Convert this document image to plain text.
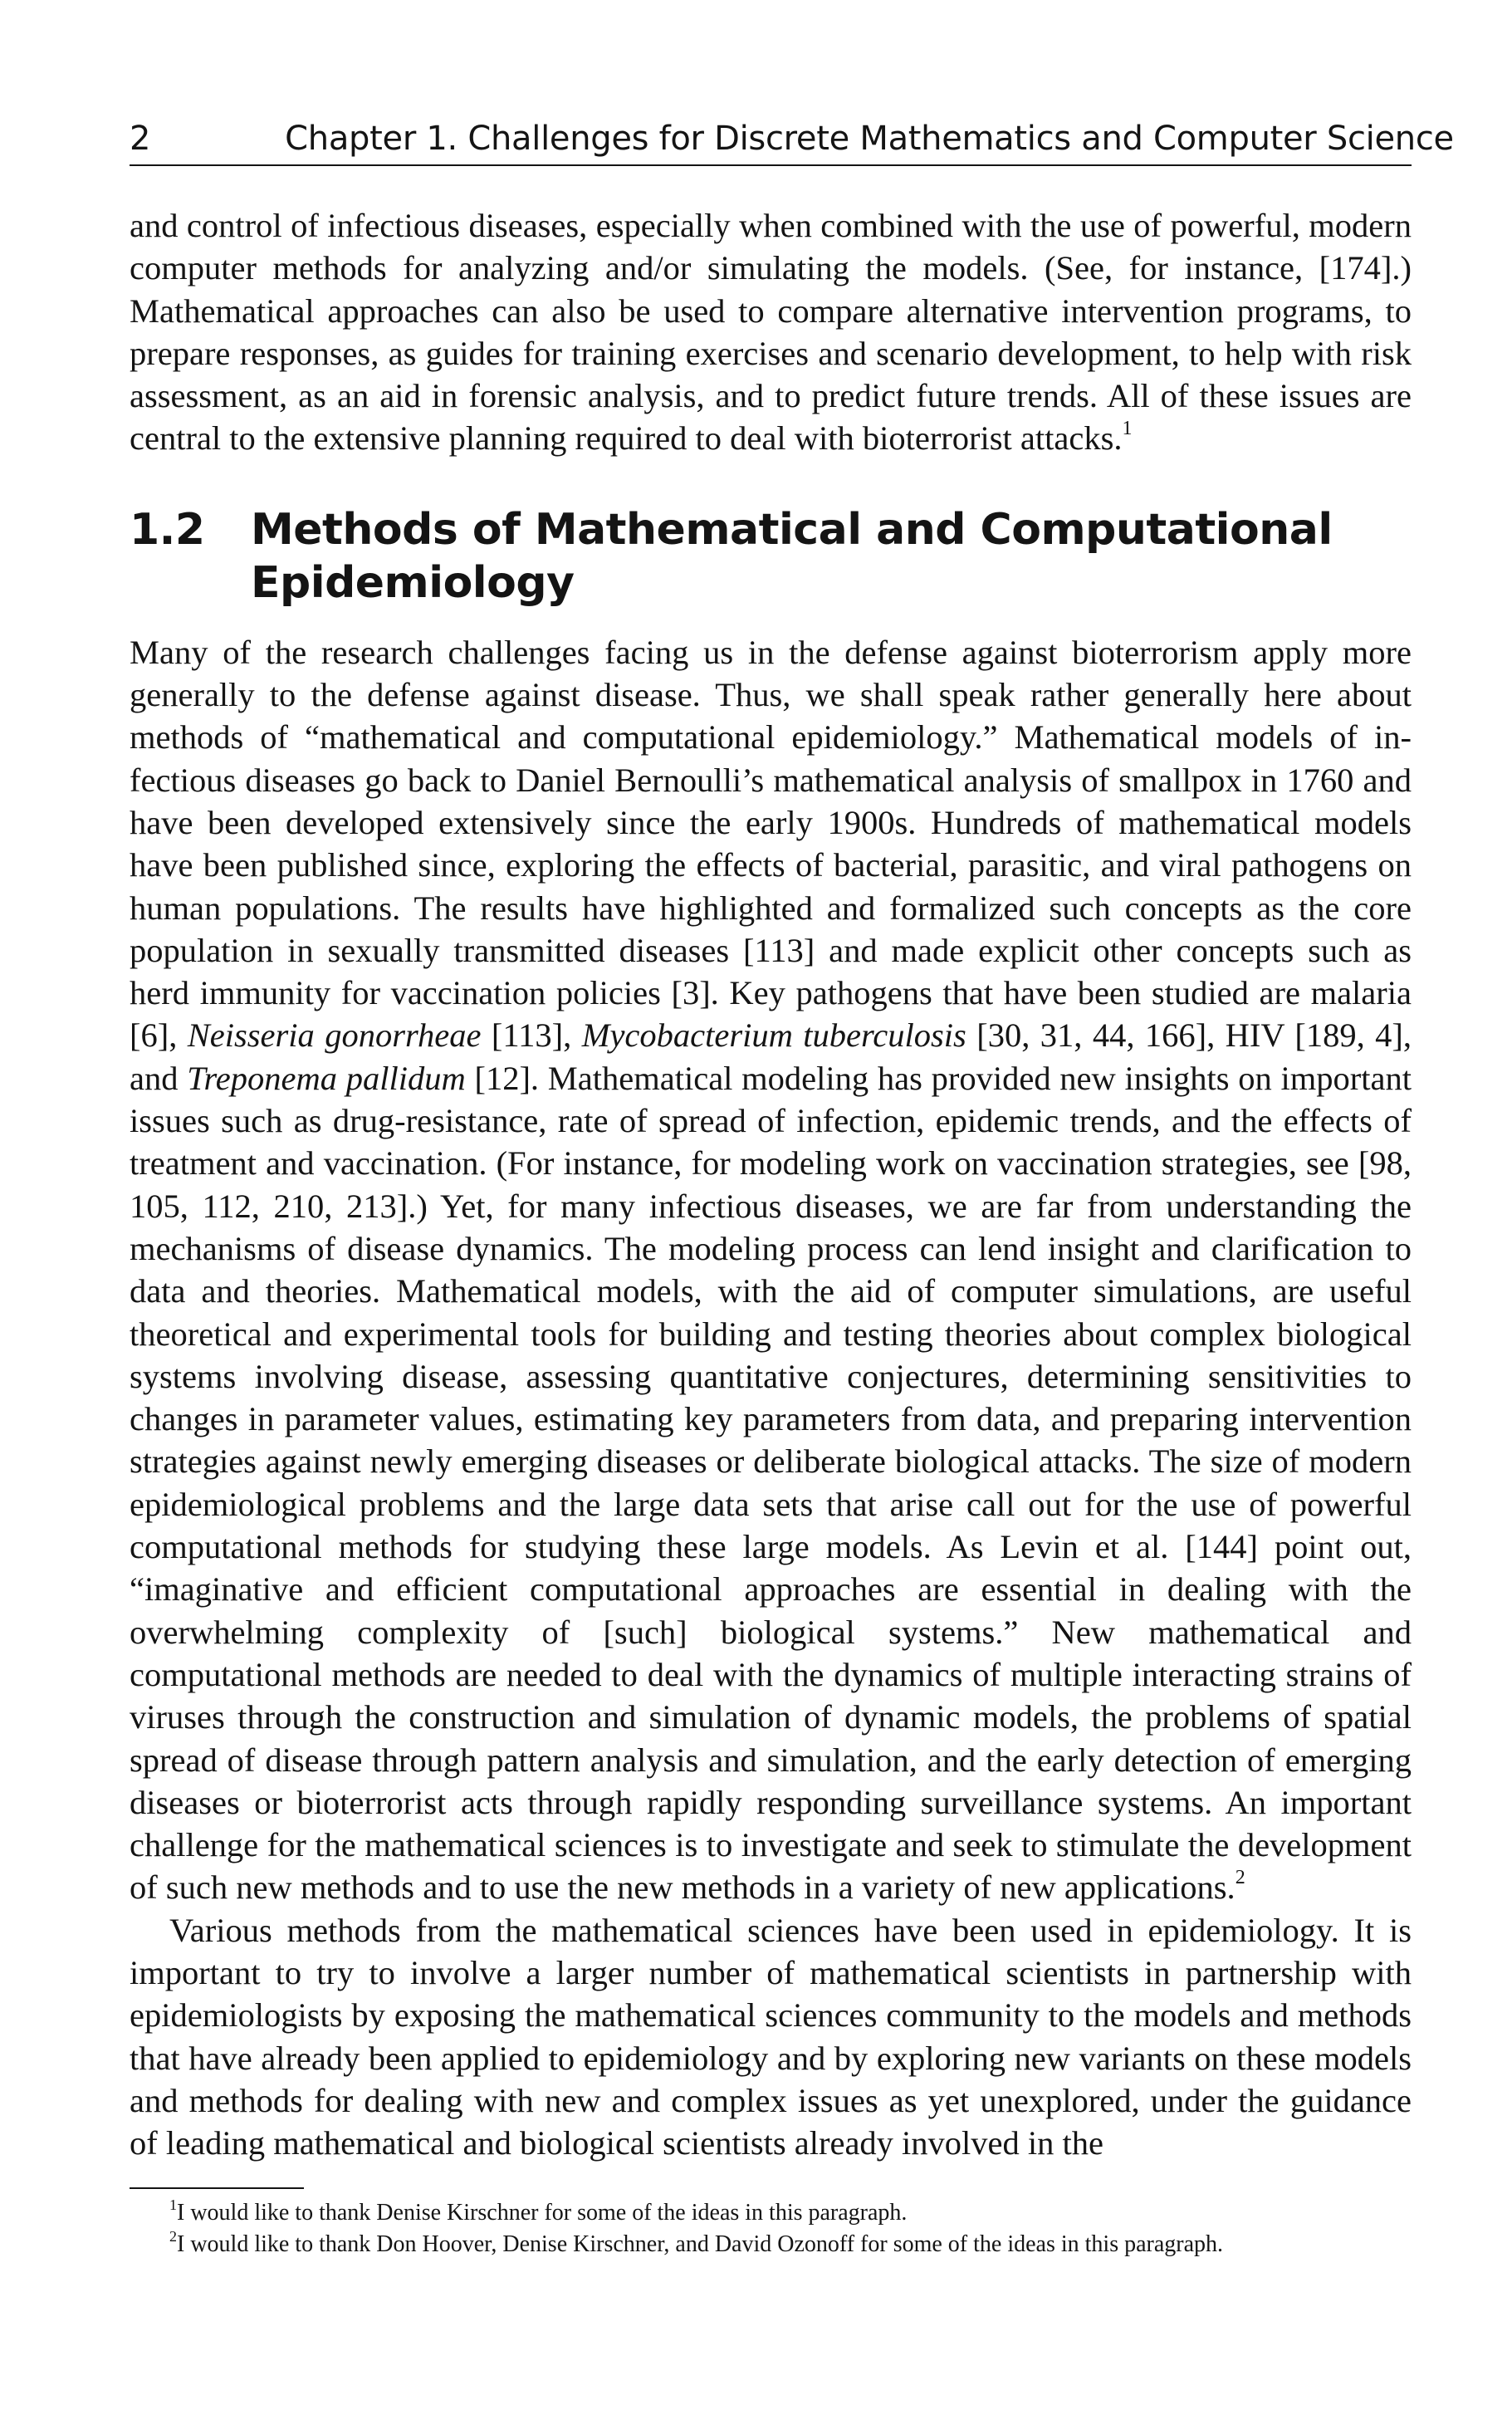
2	Chapter 1. Challenges for Discrete Mathematics and Computer Science

and control of infectious diseases, especially when combined with the use of powerful, modern computer methods for analyzing and/or simulating the models. (See, for instance, [174].) Mathematical approaches can also be used to compare alternative intervention programs, to prepare responses, as guides for training exercises and scenario development, to help with risk assessment, as an aid in forensic analysis, and to predict future trends. All of these issues are central to the extensive planning required to deal with bioterrorist attacks.$^1$

1.2	Methods of Mathematical and Computational Epidemiology

Many of the research challenges facing us in the defense against bioterrorism apply more generally to the defense against disease. Thus, we shall speak rather generally here about methods of “mathematical and computational epidemiology.” Mathematical models of infectious diseases go back to Daniel Bernoulli’s mathematical analysis of smallpox in 1760 and have been developed extensively since the early 1900s. Hundreds of mathematical models have been published since, exploring the effects of bacterial, parasitic, and viral pathogens on human populations. The results have highlighted and formalized such concepts as the core population in sexually transmitted diseases [113] and made explicit other concepts such as herd immunity for vaccination policies [3]. Key pathogens that have been studied are malaria [6], Neisseria gonorrheae [113], Mycobacterium tuberculosis [30, 31, 44, 166], HIV [189, 4], and Treponema pallidum [12]. Mathematical modeling has provided new insights on important issues such as drug-resistance, rate of spread of infection, epidemic trends, and the effects of treatment and vaccination. (For instance, for modeling work on vaccination strategies, see [98, 105, 112, 210, 213].) Yet, for many infectious diseases, we are far from understanding the mechanisms of disease dynamics. The modeling process can lend insight and clarification to data and theories. Mathematical models, with the aid of computer simulations, are useful theoretical and experimental tools for building and testing theories about complex biological systems involving disease, assessing quantitative conjectures, determining sensitivities to changes in parameter values, estimating key parameters from data, and preparing intervention strategies against newly emerging diseases or deliberate biological attacks. The size of modern epidemiological problems and the large data sets that arise call out for the use of powerful computational methods for studying these large models. As Levin et al. [144] point out, “imaginative and efficient computational approaches are essential in dealing with the overwhelming complexity of [such] biological systems.” New mathematical and computational methods are needed to deal with the dynamics of multiple interacting strains of viruses through the construction and simulation of dynamic models, the problems of spatial spread of disease through pattern analysis and simulation, and the early detection of emerging diseases or bioterrorist acts through rapidly responding surveillance systems. An important challenge for the mathematical sciences is to investigate and seek to stimulate the development of such new methods and to use the new methods in a variety of new applications.$^2$

Various methods from the mathematical sciences have been used in epidemiology. It is important to try to involve a larger number of mathematical scientists in partnership with epidemiologists by exposing the mathematical sciences community to the models and methods that have already been applied to epidemiology and by exploring new variants on these models and methods for dealing with new and complex issues as yet unexplored, under the guidance of leading mathematical and biological scientists already involved in the

$^1$I would like to thank Denise Kirschner for some of the ideas in this paragraph.
$^2$I would like to thank Don Hoover, Denise Kirschner, and David Ozonoff for some of the ideas in this paragraph.
